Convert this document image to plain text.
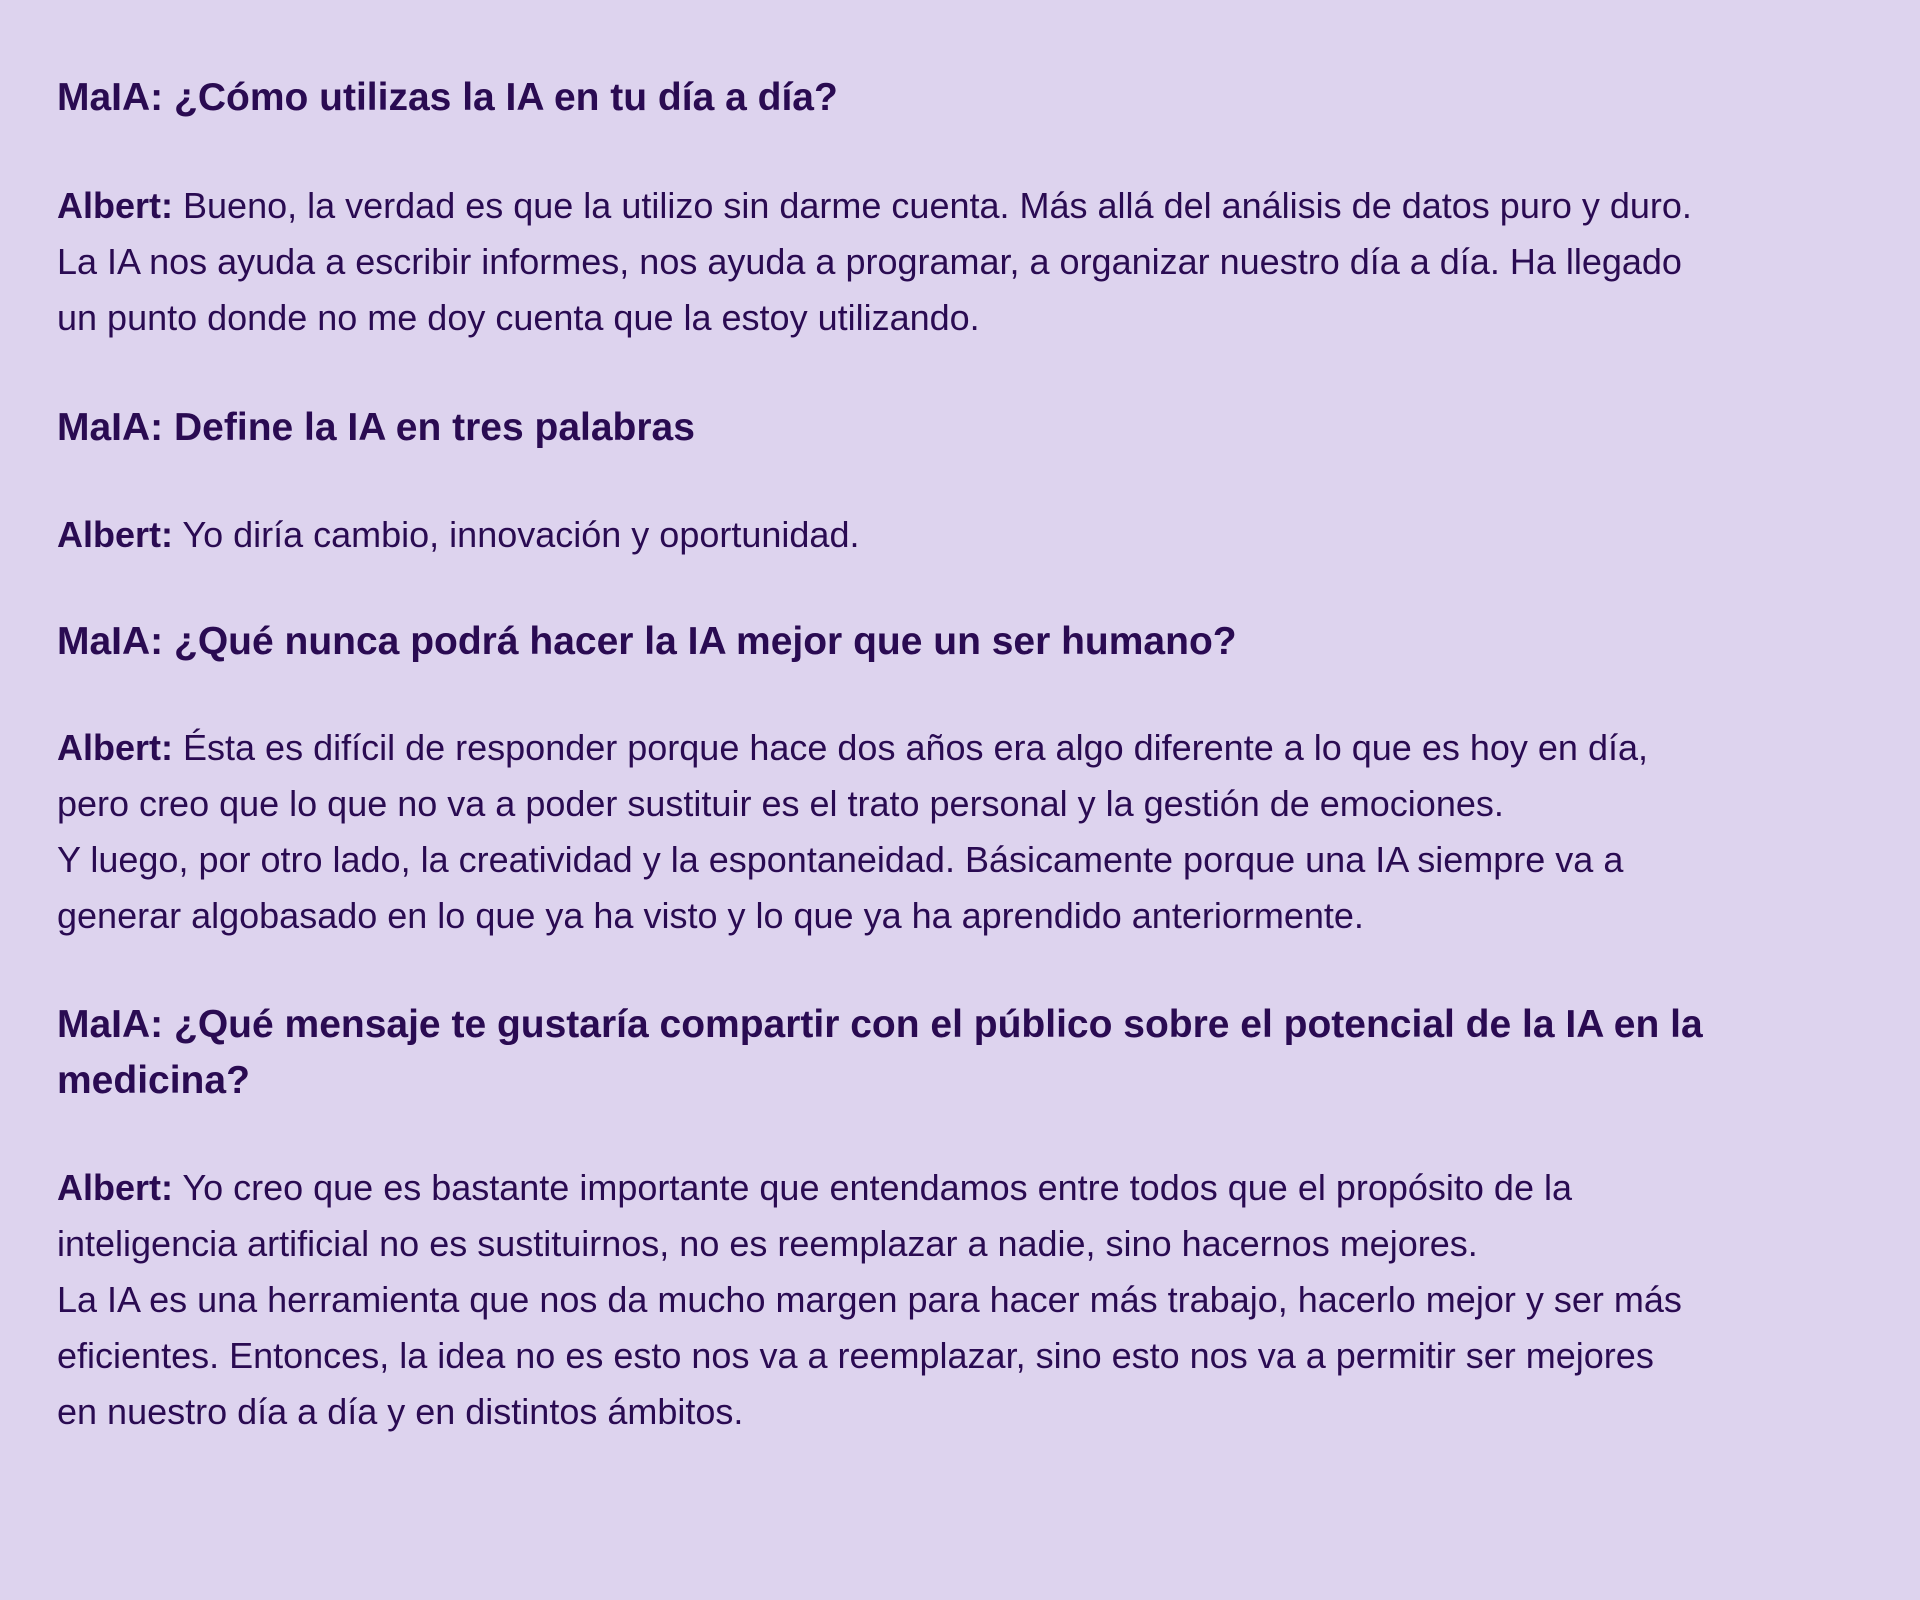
MaIA: ¿Cómo utilizas la IA en tu día a día?

Albert: Bueno, la verdad es que la utilizo sin darme cuenta. Más allá del análisis de datos puro y duro.
La IA nos ayuda a escribir informes, nos ayuda a programar, a organizar nuestro día a día. Ha llegado
un punto donde no me doy cuenta que la estoy utilizando.

MaIA: Define la IA en tres palabras

Albert: Yo diría cambio, innovación y oportunidad.

MaIA: ¿Qué nunca podrá hacer la IA mejor que un ser humano?

Albert: Ésta es difícil de responder porque hace dos años era algo diferente a lo que es hoy en día,
pero creo que lo que no va a poder sustituir es el trato personal y la gestión de emociones.
Y luego, por otro lado, la creatividad y la espontaneidad. Básicamente porque una IA siempre va a
generar algobasado en lo que ya ha visto y lo que ya ha aprendido anteriormente.

MaIA: ¿Qué mensaje te gustaría compartir con el público sobre el potencial de la IA en la medicina?

Albert: Yo creo que es bastante importante que entendamos entre todos que el propósito de la
inteligencia artificial no es sustituirnos, no es reemplazar a nadie, sino hacernos mejores.
La IA es una herramienta que nos da mucho margen para hacer más trabajo, hacerlo mejor y ser más
eficientes. Entonces, la idea no es esto nos va a reemplazar, sino esto nos va a permitir ser mejores
en nuestro día a día y en distintos ámbitos.
